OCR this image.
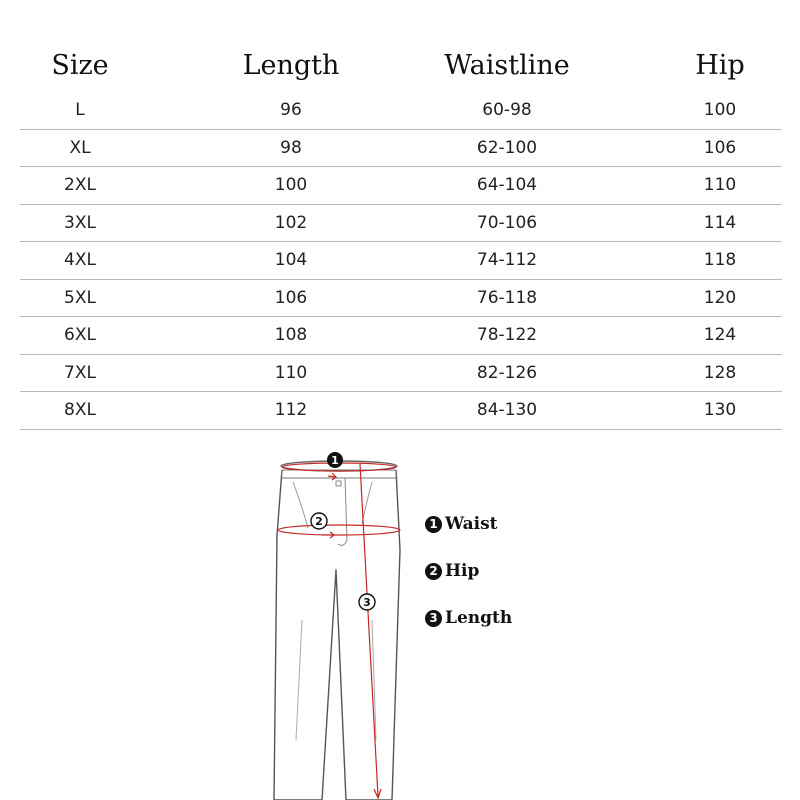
Size	Length	Waistline	Hip
L	96	60-98	100
XL	98	62-100	106
2XL	100	64-104	110
3XL	102	70-106	114
4XL	104	74-112	118
5XL	106	76-118	120
6XL	108	78-122	124
7XL	110	82-126	128
8XL	112	84-130	130
1
2
3
1 Waist
2 Hip
3 Length
